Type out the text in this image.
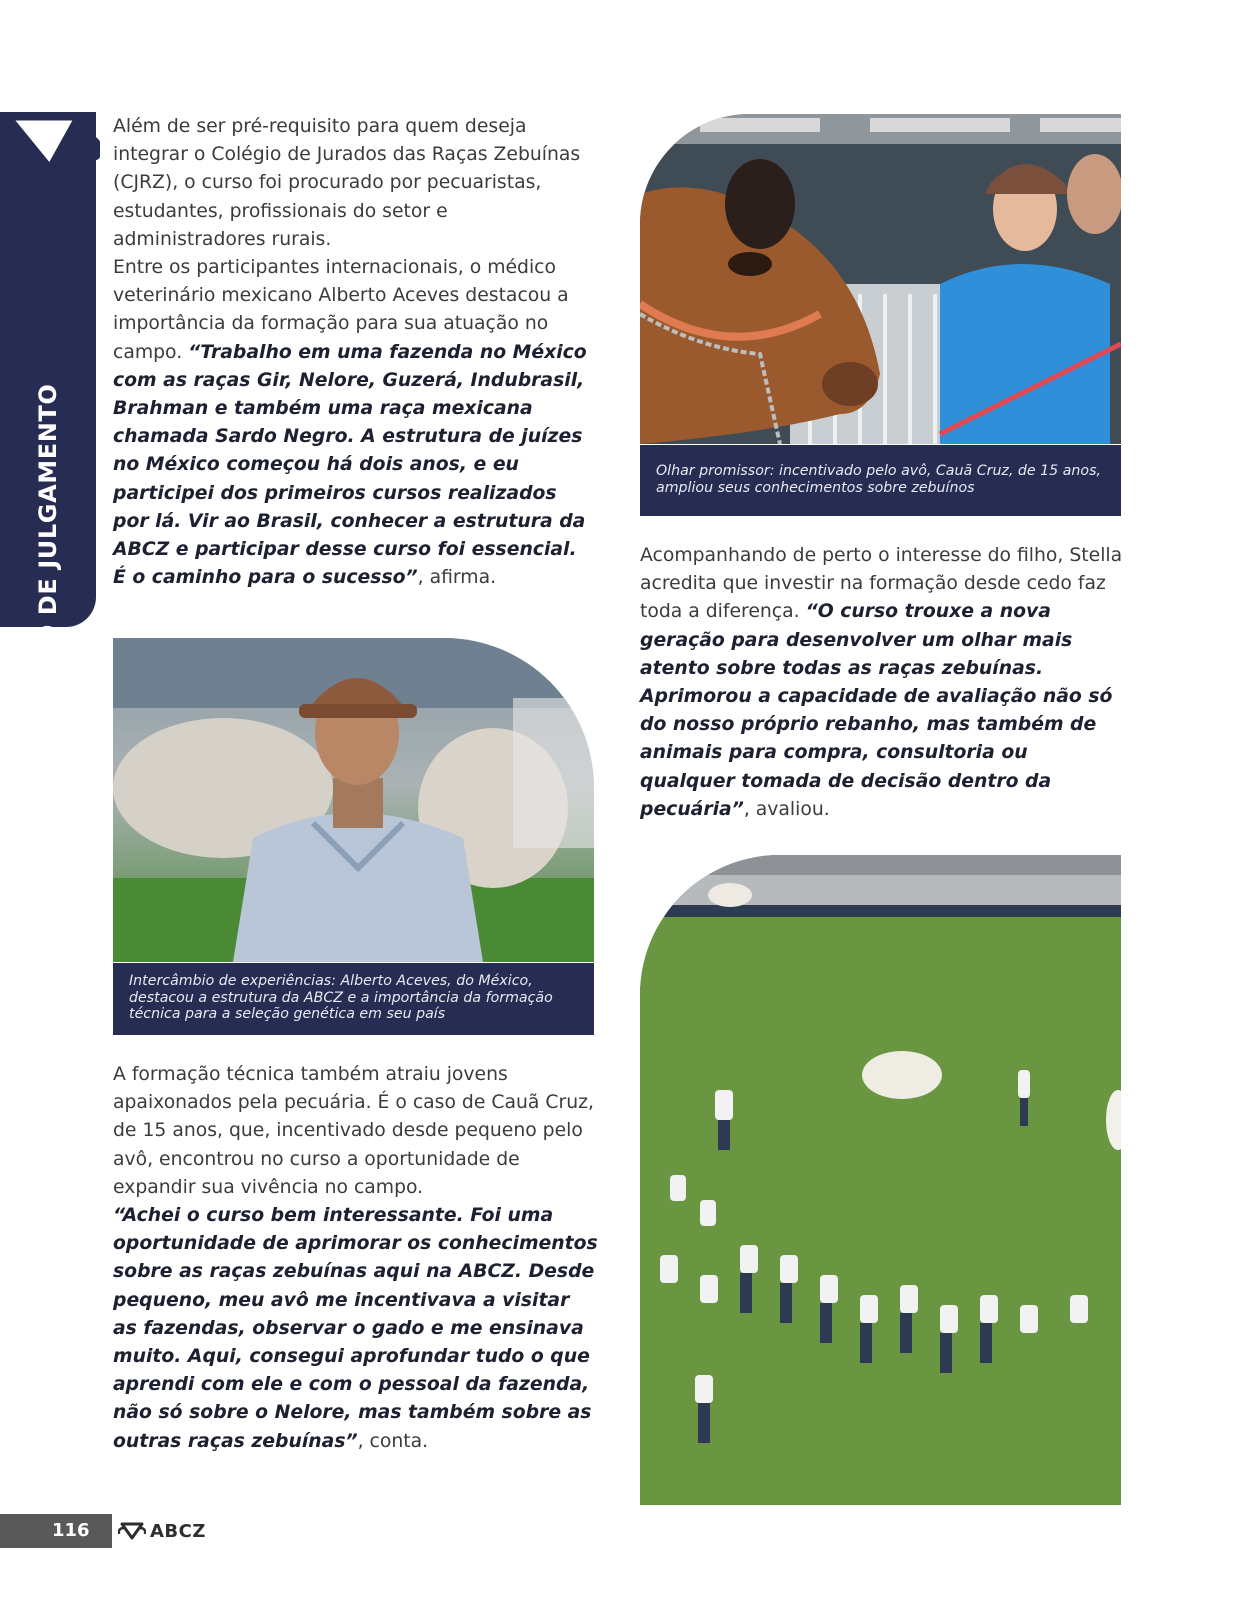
CURSO DE JULGAMENTO

Além de ser pré-requisito para quem deseja integrar o Colégio de Jurados das Raças Zebuínas (CJRZ), o curso foi procurado por pecuaristas, estudantes, profissionais do setor e administradores rurais.

Entre os participantes internacionais, o médico veterinário mexicano Alberto Aceves destacou a importância da formação para sua atuação no campo. “Trabalho em uma fazenda no México com as raças Gir, Nelore, Guzerá, Indubrasil, Brahman e também uma raça mexicana chamada Sardo Negro. A estrutura de juízes no México começou há dois anos, e eu participei dos primeiros cursos realizados por lá. Vir ao Brasil, conhecer a estrutura da ABCZ e participar desse curso foi essencial. É o caminho para o sucesso”, afirma.

Intercâmbio de experiências: Alberto Aceves, do México, destacou a estrutura da ABCZ e a importância da formação técnica para a seleção genética em seu país

A formação técnica também atraiu jovens apaixonados pela pecuária. É o caso de Cauã Cruz, de 15 anos, que, incentivado desde pequeno pelo avô, encontrou no curso a oportunidade de expandir sua vivência no campo.

“Achei o curso bem interessante. Foi uma oportunidade de aprimorar os conhecimentos sobre as raças zebuínas aqui na ABCZ. Desde pequeno, meu avô me incentivava a visitar as fazendas, observar o gado e me ensinava muito. Aqui, consegui aprofundar tudo o que aprendi com ele e com o pessoal da fazenda, não só sobre o Nelore, mas também sobre as outras raças zebuínas”, conta.

Olhar promissor: incentivado pelo avô, Cauã Cruz, de 15 anos, ampliou seus conhecimentos sobre zebuínos

Acompanhando de perto o interesse do filho, Stella acredita que investir na formação desde cedo faz toda a diferença. “O curso trouxe a nova geração para desenvolver um olhar mais atento sobre todas as raças zebuínas. Aprimorou a capacidade de avaliação não só do nosso próprio rebanho, mas também de animais para compra, consultoria ou qualquer tomada de decisão dentro da pecuária”, avaliou.

116	ABCZ
